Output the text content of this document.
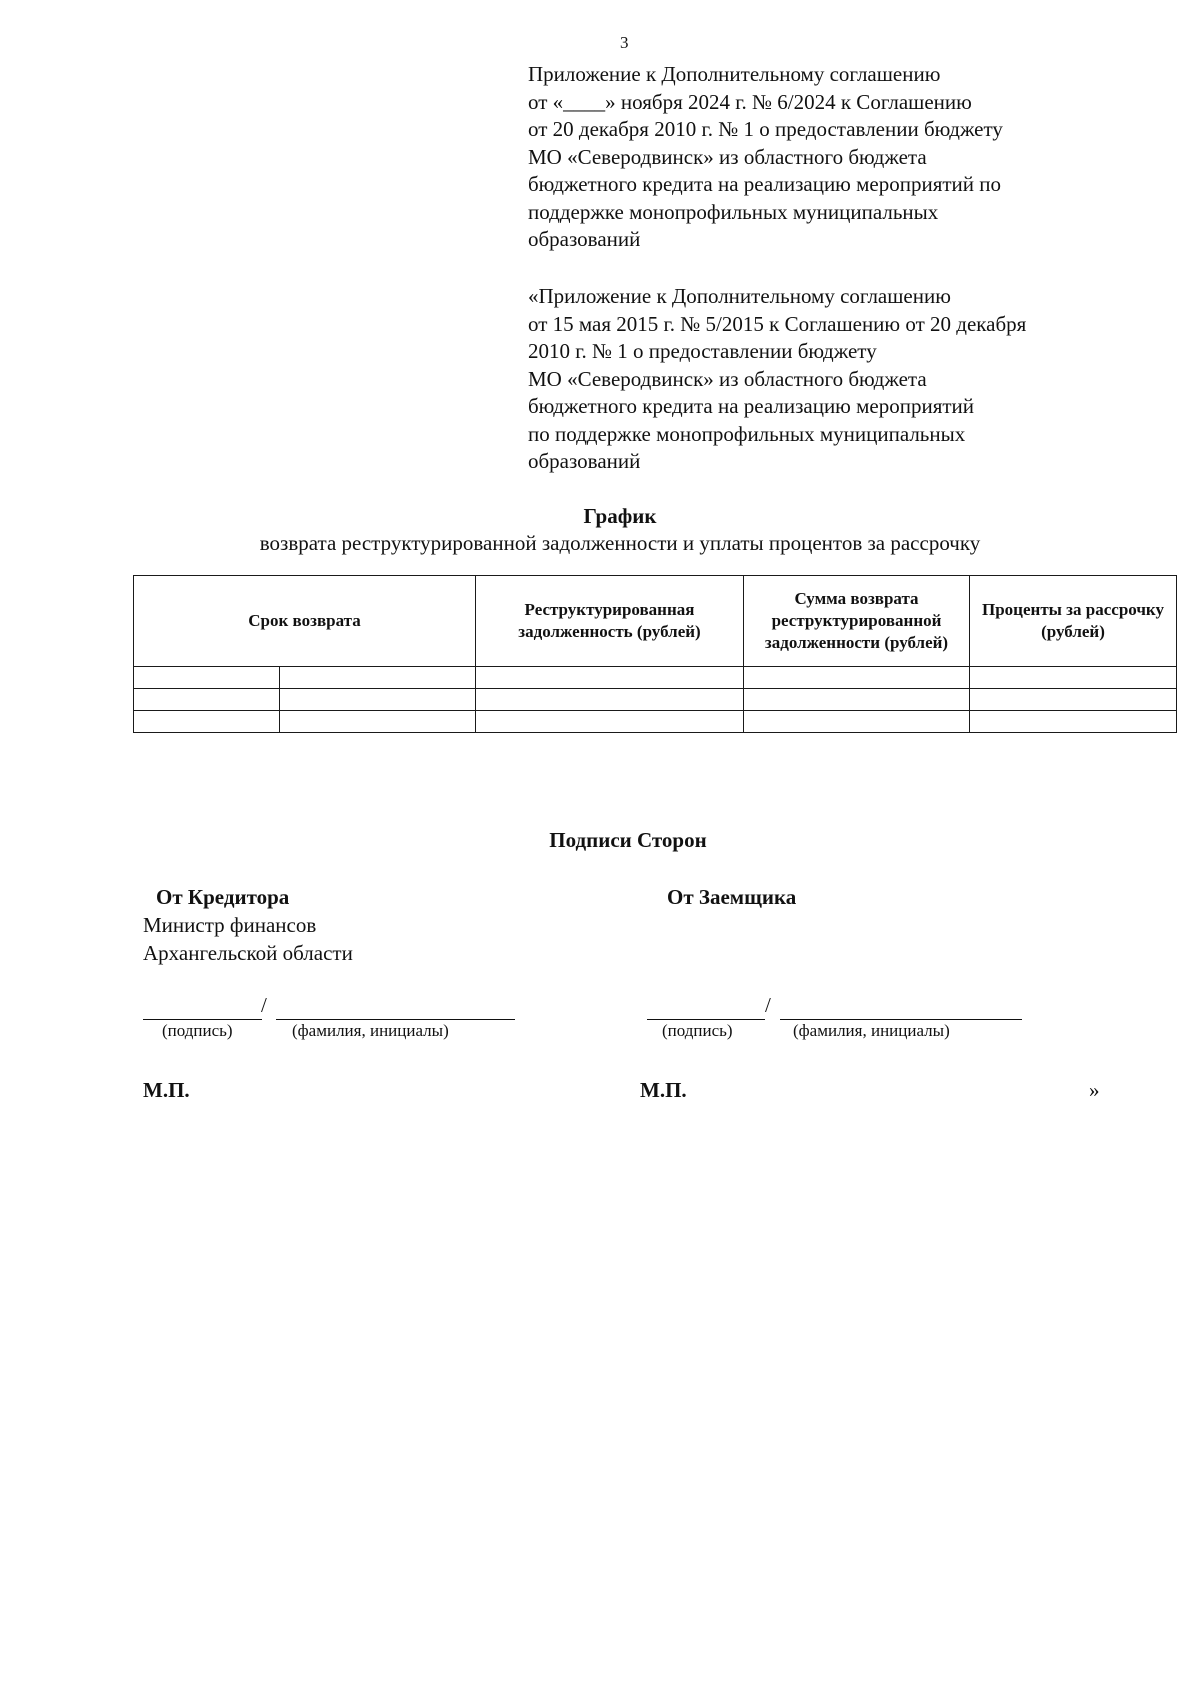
3
Приложение к Дополнительному соглашению
от «____» ноября 2024 г. № 6/2024 к Соглашению
от 20 декабря 2010 г. № 1 о предоставлении бюджету
МО «Северодвинск» из областного бюджета
бюджетного кредита на реализацию мероприятий по
поддержке монопрофильных муниципальных
образований
«Приложение к Дополнительному соглашению
от 15 мая 2015 г. № 5/2015 к Соглашению от 20 декабря
2010 г. № 1 о предоставлении бюджету
МО «Северодвинск» из областного бюджета
бюджетного кредита на реализацию мероприятий
по поддержке монопрофильных муниципальных
образований
График
возврата реструктурированной задолженности и уплаты процентов за рассрочку
Срок возврата		Реструктурированная задолженность (рублей)	Сумма возврата реструктурированной задолженности (рублей)	Проценты за рассрочку (рублей)

Подписи Сторон
От Кредитора
Министр финансов
Архангельской области
От Заемщика
/
(подпись)	(фамилия, инициалы)
/
(подпись)	(фамилия, инициалы)
М.П.	М.П.	»
